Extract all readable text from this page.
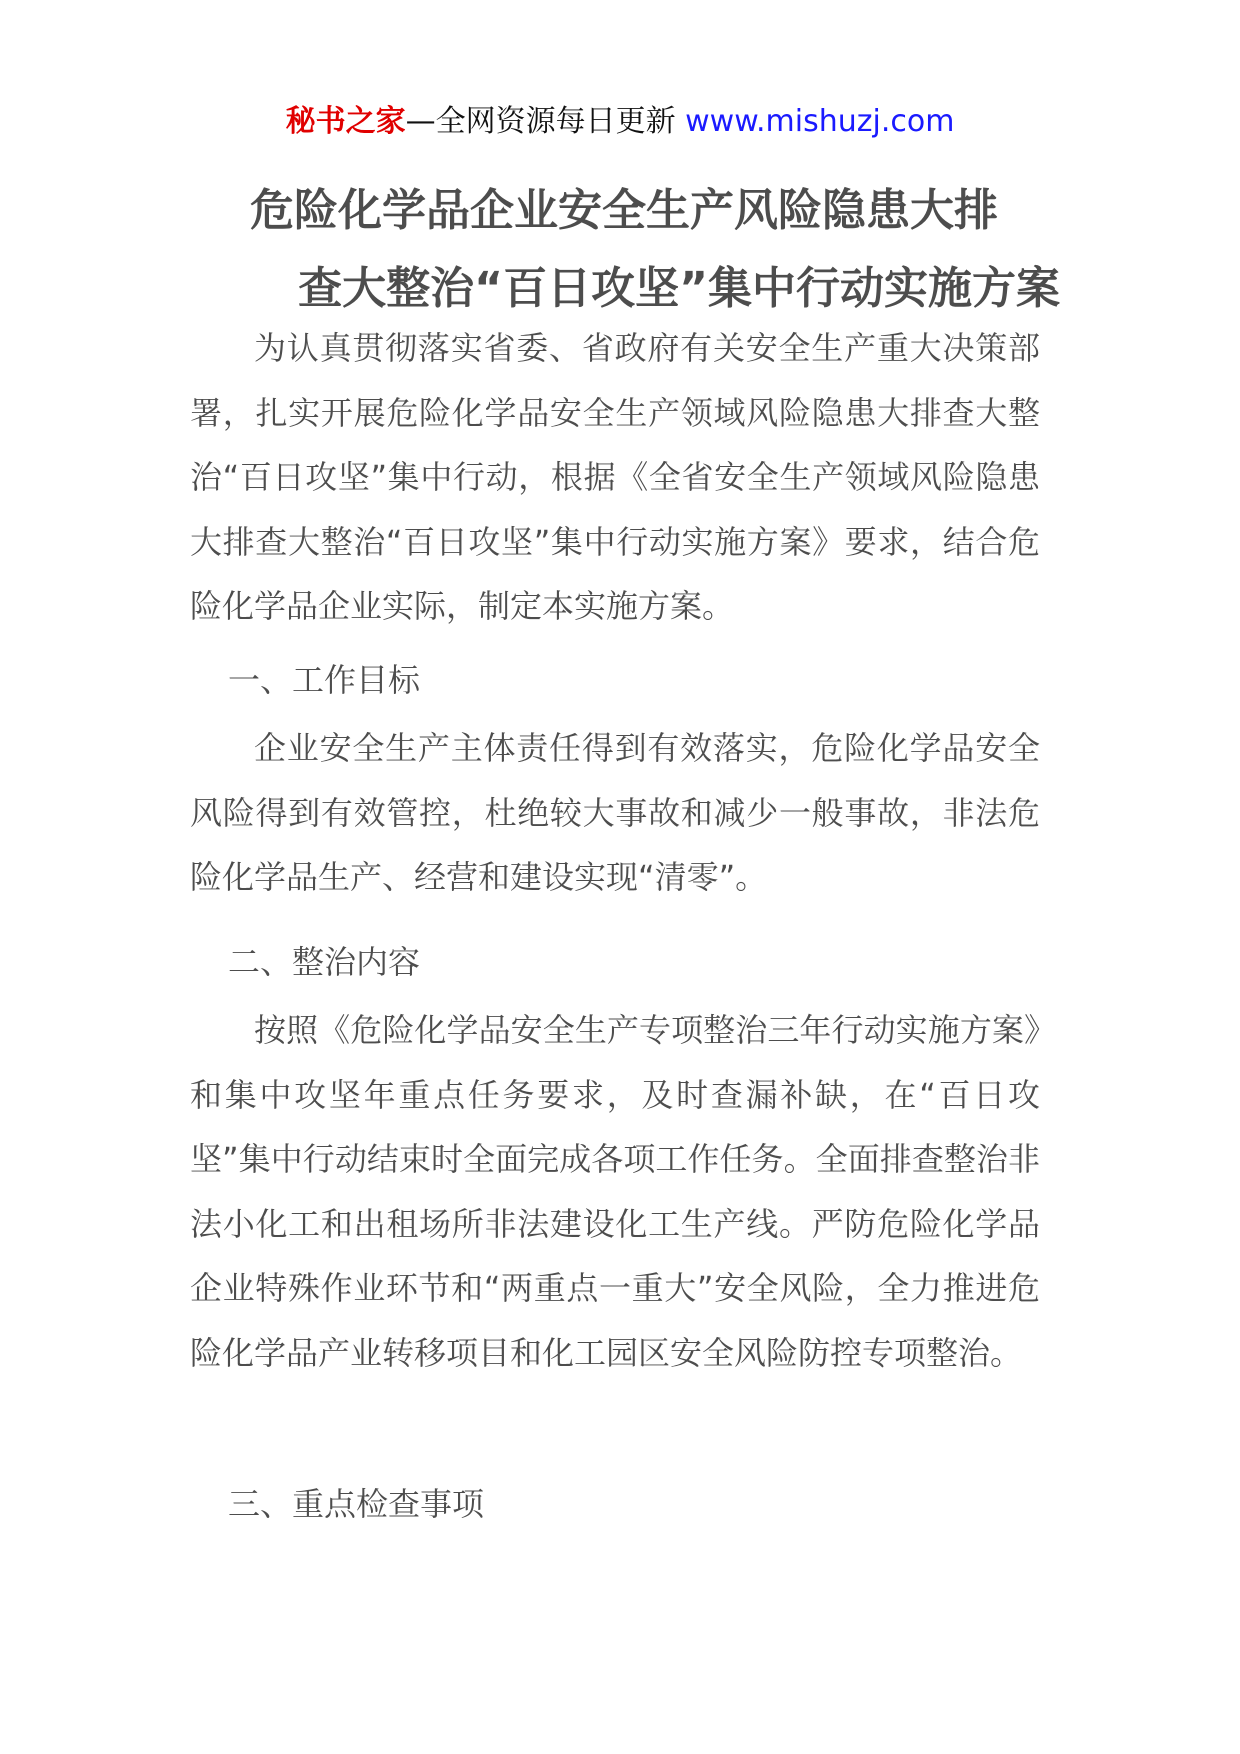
秘书之家—全网资源每日更新 www.mishuzj.com
危险化学品企业安全生产风险隐患大排
查大整治“百日攻坚”集中行动实施方案

为认真贯彻落实省委、省政府有关安全生产重大决策部署，扎实开展危险化学品安全生产领域风险隐患大排查大整治“百日攻坚”集中行动，根据《全省安全生产领域风险隐患大排查大整治“百日攻坚”集中行动实施方案》要求，结合危险化学品企业实际，制定本实施方案。

一、工作目标

企业安全生产主体责任得到有效落实，危险化学品安全风险得到有效管控，杜绝较大事故和减少一般事故，非法危险化学品生产、经营和建设实现“清零”。

二、整治内容

按照《危险化学品安全生产专项整治三年行动实施方案》和集中攻坚年重点任务要求，及时查漏补缺，在“百日攻坚”集中行动结束时全面完成各项工作任务。全面排查整治非法小化工和出租场所非法建设化工生产线。严防危险化学品企业特殊作业环节和“两重点一重大”安全风险，全力推进危险化学品产业转移项目和化工园区安全风险防控专项整治。

三、重点检查事项
